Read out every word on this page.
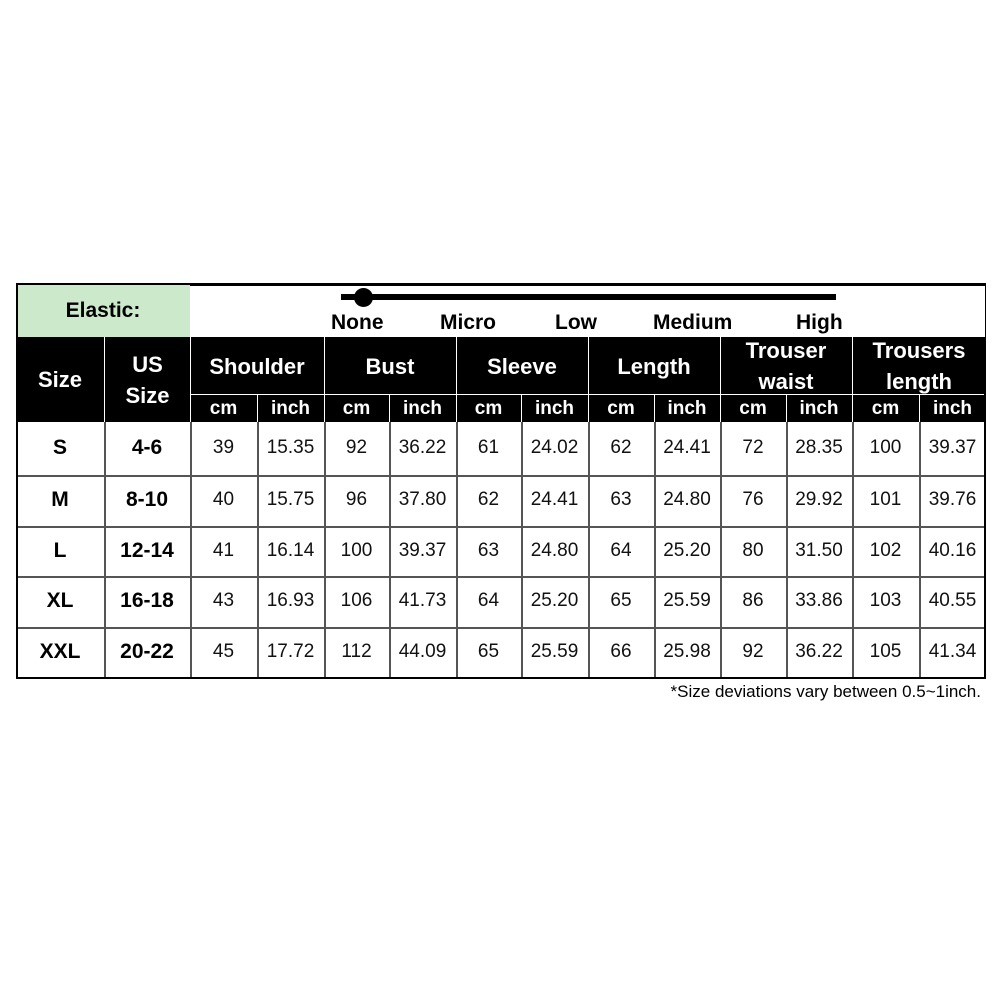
Elastic:
None	Micro	Low	Medium	High
Size
US Size
Shoulder
cm	inch
Bust
cm	inch
Sleeve
cm	inch
Length
cm	inch
Trouser waist
cm	inch
Trousers length
cm	inch
S	4-6	39	15.35	92	36.22	61	24.02	62	24.41	72	28.35	100	39.37
M	8-10	40	15.75	96	37.80	62	24.41	63	24.80	76	29.92	101	39.76
L	12-14	41	16.14	100	39.37	63	24.80	64	25.20	80	31.50	102	40.16
XL	16-18	43	16.93	106	41.73	64	25.20	65	25.59	86	33.86	103	40.55
XXL	20-22	45	17.72	112	44.09	65	25.59	66	25.98	92	36.22	105	41.34
*Size deviations vary between 0.5~1inch.
